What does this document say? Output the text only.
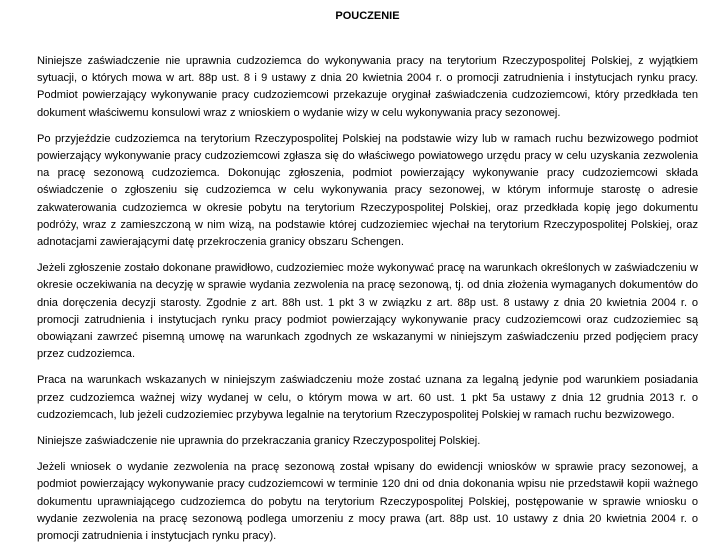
POUCZENIE

Niniejsze zaświadczenie nie uprawnia cudzoziemca do wykonywania pracy na terytorium Rzeczypospolitej Polskiej, z wyjątkiem sytuacji, o których mowa w art. 88p ust. 8 i 9 ustawy z dnia 20 kwietnia 2004 r. o promocji zatrudnienia i instytucjach rynku pracy. Podmiot powierzający wykonywanie pracy cudzoziemcowi przekazuje oryginał zaświadczenia cudzoziemcowi, który przedkłada ten dokument właściwemu konsulowi wraz z wnioskiem o wydanie wizy w celu wykonywania pracy sezonowej.

Po przyjeździe cudzoziemca na terytorium Rzeczypospolitej Polskiej na podstawie wizy lub w ramach ruchu bezwizowego podmiot powierzający wykonywanie pracy cudzoziemcowi zgłasza się do właściwego powiatowego urzędu pracy w celu uzyskania zezwolenia na pracę sezonową cudzoziemca. Dokonując zgłoszenia, podmiot powierzający wykonywanie pracy cudzoziemcowi składa oświadczenie o zgłoszeniu się cudzoziemca w celu wykonywania pracy sezonowej, w którym informuje starostę o adresie zakwaterowania cudzoziemca w okresie pobytu na terytorium Rzeczypospolitej Polskiej, oraz przedkłada kopię jego dokumentu podróży, wraz z zamieszczoną w nim wizą, na podstawie której cudzoziemiec wjechał na terytorium Rzeczypospolitej Polskiej, oraz adnotacjami zawierającymi datę przekroczenia granicy obszaru Schengen.

Jeżeli zgłoszenie zostało dokonane prawidłowo, cudzoziemiec może wykonywać pracę na warunkach określonych w zaświadczeniu w okresie oczekiwania na decyzję w sprawie wydania zezwolenia na pracę sezonową, tj. od dnia złożenia wymaganych dokumentów do dnia doręczenia decyzji starosty. Zgodnie z art. 88h ust. 1 pkt 3 w związku z art. 88p ust. 8 ustawy z dnia 20 kwietnia 2004 r. o promocji zatrudnienia i instytucjach rynku pracy podmiot powierzający wykonywanie pracy cudzoziemcowi oraz cudzoziemiec są obowiązani zawrzeć pisemną umowę na warunkach zgodnych ze wskazanymi w niniejszym zaświadczeniu przed podjęciem pracy przez cudzoziemca.

Praca na warunkach wskazanych w niniejszym zaświadczeniu może zostać uznana za legalną jedynie pod warunkiem posiadania przez cudzoziemca ważnej wizy wydanej w celu, o którym mowa w art. 60 ust. 1 pkt 5a ustawy z dnia 12 grudnia 2013 r. o cudzoziemcach, lub jeżeli cudzoziemiec przybywa legalnie na terytorium Rzeczypospolitej Polskiej w ramach ruchu bezwizowego.

Niniejsze zaświadczenie nie uprawnia do przekraczania granicy Rzeczypospolitej Polskiej.

Jeżeli wniosek o wydanie zezwolenia na pracę sezonową został wpisany do ewidencji wniosków w sprawie pracy sezonowej, a podmiot powierzający wykonywanie pracy cudzoziemcowi w terminie 120 dni od dnia dokonania wpisu nie przedstawił kopii ważnego dokumentu uprawniającego cudzoziemca do pobytu na terytorium Rzeczypospolitej Polskiej, postępowanie w sprawie wniosku o wydanie zezwolenia na pracę sezonową podlega umorzeniu z mocy prawa (art. 88p ust. 10 ustawy z dnia 20 kwietnia 2004 r. o promocji zatrudnienia i instytucjach rynku pracy).
